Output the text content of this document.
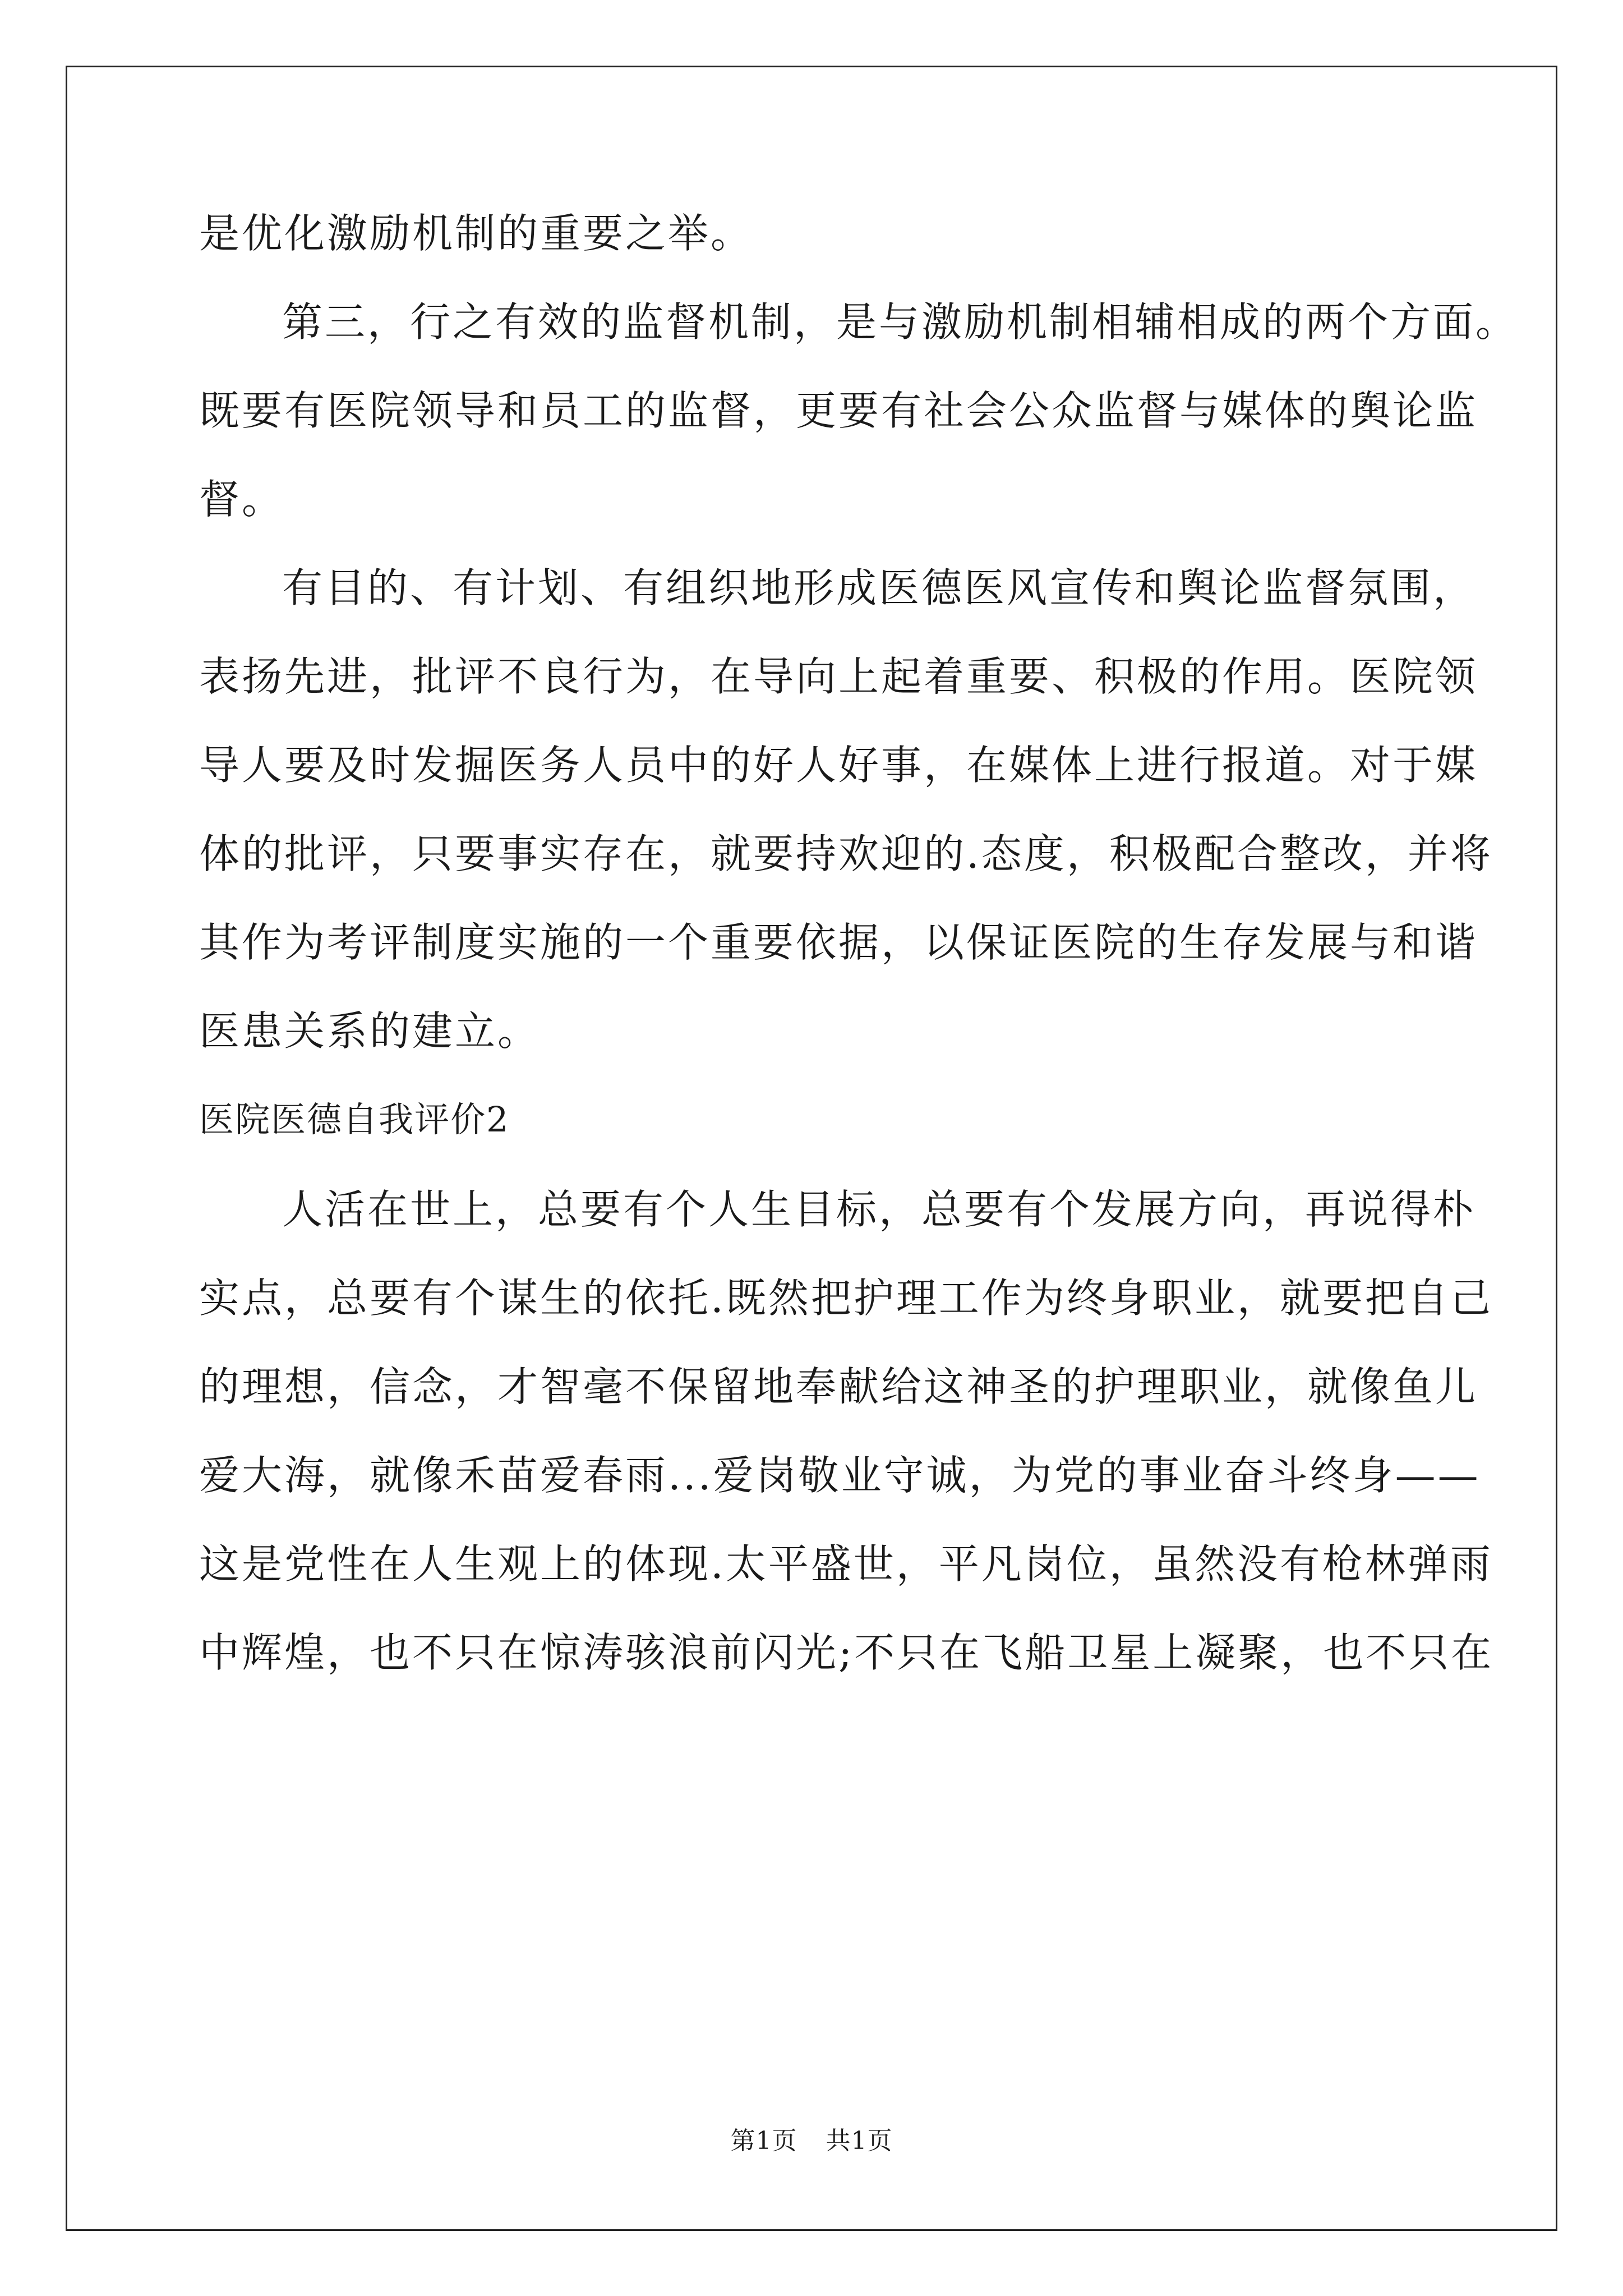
是优化激励机制的重要之举。
第三，行之有效的监督机制，是与激励机制相辅相成的两个方面。
既要有医院领导和员工的监督，更要有社会公众监督与媒体的舆论监
督。
有目的、有计划、有组织地形成医德医风宣传和舆论监督氛围，
表扬先进，批评不良行为，在导向上起着重要、积极的作用。医院领
导人要及时发掘医务人员中的好人好事，在媒体上进行报道。对于媒
体的批评，只要事实存在，就要持欢迎的.态度，积极配合整改，并将
其作为考评制度实施的一个重要依据，以保证医院的生存发展与和谐
医患关系的建立。
医院医德自我评价2
人活在世上，总要有个人生目标，总要有个发展方向，再说得朴
实点，总要有个谋生的依托.既然把护理工作为终身职业，就要把自己
的理想，信念，才智毫不保留地奉献给这神圣的护理职业，就像鱼儿
爱大海，就像禾苗爱春雨...爱岗敬业守诚，为党的事业奋斗终身——
这是党性在人生观上的体现.太平盛世，平凡岗位，虽然没有枪林弹雨
中辉煌，也不只在惊涛骇浪前闪光;不只在飞船卫星上凝聚，也不只在
第1页 共1页
